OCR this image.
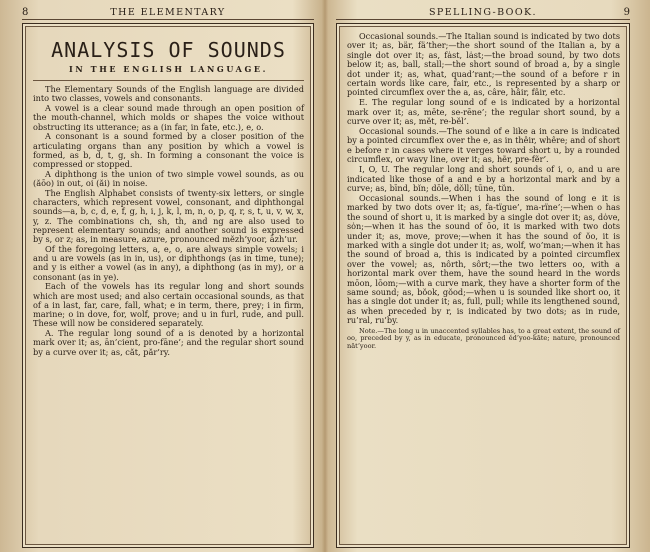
8	THE ELEMENTARY
ANALYSIS OF SOUNDS
IN THE ENGLISH LANGUAGE.

The Elementary Sounds of the English language are divided into two classes, vowels and consonants.

A vowel is a clear sound made through an open position of the mouth-channel, which molds or shapes the voice without obstructing its utterance; as a (in far, in fate, etc.), e, o.

A consonant is a sound formed by a closer position of the articulating organs than any position by which a vowel is formed, as b, d, t, g, sh. In forming a consonant the voice is compressed or stopped.

A diphthong is the union of two simple vowel sounds, as ou (ăōo) in out, oi (ăi) in noise.

The English Alphabet consists of twenty-six letters, or single characters, which represent vowel, consonant, and diphthongal sounds—a, b, c, d, e, f, g, h, i, j, k, l, m, n, o, p, q, r, s, t, u, v, w, x, y, z. The combinations ch, sh, th, and ng are also used to represent elementary sounds; and another sound is expressed by s, or z; as, in measure, azure, pronounced mĕzh’yoor, āzh’ur.

Of the foregoing letters, a, e, o, are always simple vowels; i and u are vowels (as in in, us), or diphthongs (as in time, tune); and y is either a vowel (as in any), a diphthong (as in my), or a consonant (as in ye).

Each of the vowels has its regular long and short sounds which are most used; and also certain occasional sounds, as that of a in last, far, care, fall, what; e in term, there, prey; i in firm, marine; o in dove, for, wolf, prove; and u in furl, rude, and pull. These will now be considered separately.

A. The regular long sound of a is denoted by a horizontal mark over it; as, ān’cient, pro-fāne’; and the regular short sound by a curve over it; as, căt, păr’ry.

SPELLING-BOOK.	9

Occasional sounds.—The Italian sound is indicated by two dots over it; as, bär, fä’ther;—the short sound of the Italian a, by a single dot over it; as, fȧst, lȧst;—the broad sound, by two dots below it; as, ball, stall;—the short sound of broad a, by a single dot under it; as, what, quad’rant;—the sound of a before r in certain words like care, fair, etc., is represented by a sharp or pointed circumflex over the a, as, câre, hâir, fâir, etc.

E. The regular long sound of e is indicated by a horizontal mark over it; as, mēte, se-rēne’; the regular short sound, by a curve over it; as, mĕt, re-bĕl’.

Occasional sounds.—The sound of e like a in care is indicated by a pointed circumflex over the e, as in thêir, whêre; and of short e before r in cases where it verges toward short u, by a rounded circumflex, or wavy line, over it; as, hẽr, pre-fẽr’.

I, O, U. The regular long and short sounds of i, o, and u are indicated like those of a and e by a horizontal mark and by a curve; as, bīnd, bĭn; dōle, dŏll; tūne, tŭn.

Occasional sounds.—When i has the sound of long e it is marked by two dots over it; as, fa-tïgue’, ma-rïne’;—when o has the sound of short u, it is marked by a single dot over it; as, dȯve, sȯn;—when it has the sound of ōo, it is marked with two dots under it; as, move, prove;—when it has the sound of ŏo, it is marked with a single dot under it; as, wolf, wo’man;—when it has the sound of broad a, this is indicated by a pointed circumflex over the vowel; as, nôrth, sôrt;—the two letters oo, with a horizontal mark over them, have the sound heard in the words mōon, lōom;—with a curve mark, they have a shorter form of the same sound; as, bŏok, gŏod;—when u is sounded like short oo, it has a single dot under it; as, full, pull; while its lengthened sound, as when preceded by r, is indicated by two dots; as in rude, ru’ral, ru’by.

Note.—The long u in unaccented syllables has, to a great extent, the sound of oo, preceded by y, as in educate, pronounced ĕd’yoo-kāte; nature, pronounced nāt’yoor.
